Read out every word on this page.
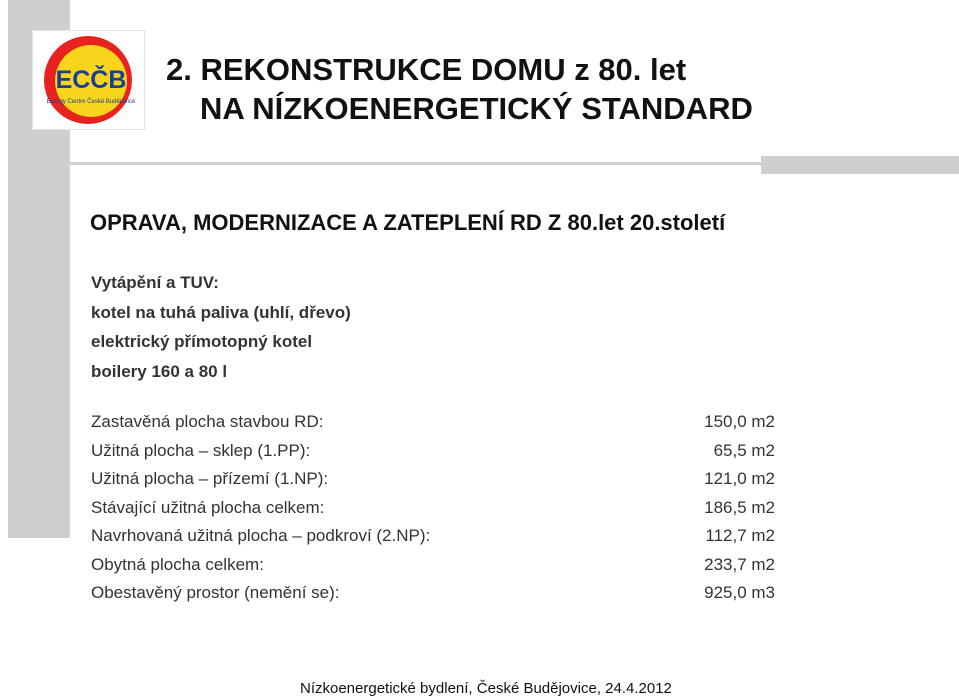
ECČB
Energy Centre České Budějovice
2. REKONSTRUKCE DOMU z 80. let
NA NÍZKOENERGETICKÝ STANDARD
OPRAVA, MODERNIZACE A ZATEPLENÍ RD Z 80.let 20.století
Vytápění a TUV:
kotel na tuhá paliva (uhlí, dřevo)
elektrický přímotopný kotel
boilery 160 a 80 l
Zastavěná plocha stavbou RD:	150,0 m2
Užitná plocha – sklep (1.PP):	65,5 m2
Užitná plocha – přízemí (1.NP):	121,0 m2
Stávající užitná plocha celkem:	186,5 m2
Navrhovaná užitná plocha – podkroví (2.NP):	112,7 m2
Obytná plocha celkem:	233,7 m2
Obestavěný prostor (nemění se):	925,0 m3
Nízkoenergetické bydlení, České Budějovice, 24.4.2012
